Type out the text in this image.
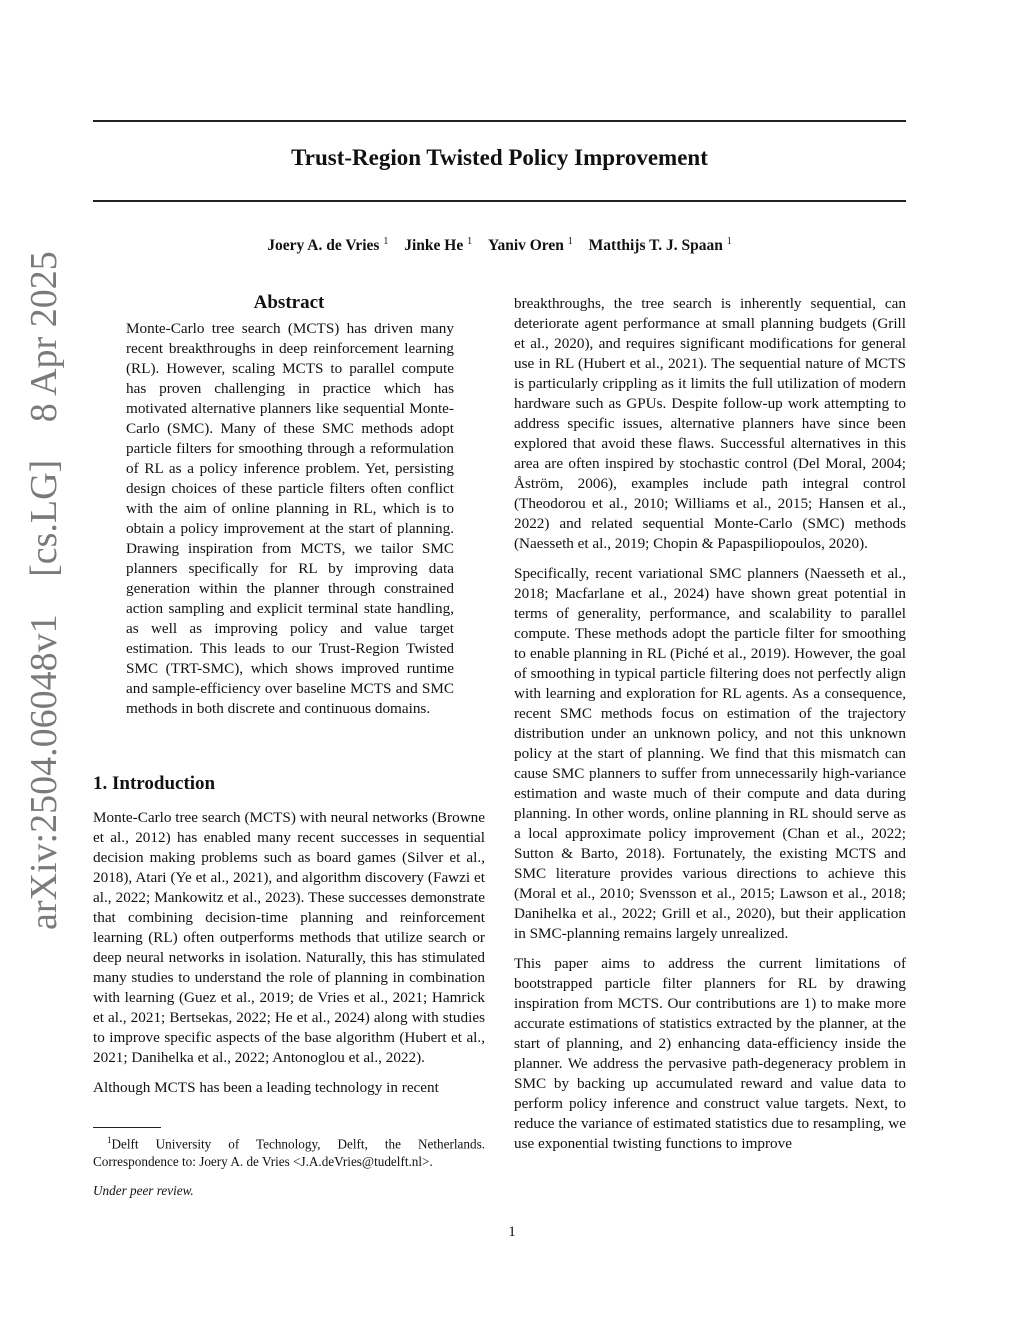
Trust-Region Twisted Policy Improvement
Joery A. de Vries $^1$ Jinke He $^1$ Yaniv Oren $^1$ Matthijs T. J. Spaan $^1$
arXiv:2504.06048v1 [cs.LG] 8 Apr 2025	Abstract

Monte-Carlo tree search (MCTS) has driven many recent breakthroughs in deep reinforcement learning (RL). However, scaling MCTS to parallel compute has proven challenging in practice which has motivated alternative planners like sequential Monte-Carlo (SMC). Many of these SMC methods adopt particle filters for smoothing through a reformulation of RL as a policy inference problem. Yet, persisting design choices of these particle filters often conflict with the aim of online planning in RL, which is to obtain a policy improvement at the start of planning. Drawing inspiration from MCTS, we tailor SMC planners specifically for RL by improving data generation within the planner through constrained action sampling and explicit terminal state handling, as well as improving policy and value target estimation. This leads to our Trust-Region Twisted SMC (TRT-SMC), which shows improved runtime and sample-efficiency over baseline MCTS and SMC methods in both discrete and continuous domains.

1. Introduction

Monte-Carlo tree search (MCTS) with neural networks (Browne et al., 2012) has enabled many recent successes in sequential decision making problems such as board games (Silver et al., 2018), Atari (Ye et al., 2021), and algorithm discovery (Fawzi et al., 2022; Mankowitz et al., 2023). These successes demonstrate that combining decision-time planning and reinforcement learning (RL) often outperforms methods that utilize search or deep neural networks in isolation. Naturally, this has stimulated many studies to understand the role of planning in combination with learning (Guez et al., 2019; de Vries et al., 2021; Hamrick et al., 2021; Bertsekas, 2022; He et al., 2024) along with studies to improve specific aspects of the base algorithm (Hubert et al., 2021; Danihelka et al., 2022; Antonoglou et al., 2022).

Although MCTS has been a leading technology in recent

breakthroughs, the tree search is inherently sequential, can deteriorate agent performance at small planning budgets (Grill et al., 2020), and requires significant modifications for general use in RL (Hubert et al., 2021). The sequential nature of MCTS is particularly crippling as it limits the full utilization of modern hardware such as GPUs. Despite follow-up work attempting to address specific issues, alternative planners have since been explored that avoid these flaws. Successful alternatives in this area are often inspired by stochastic control (Del Moral, 2004; Åström, 2006), examples include path integral control (Theodorou et al., 2010; Williams et al., 2015; Hansen et al., 2022) and related sequential Monte-Carlo (SMC) methods (Naesseth et al., 2019; Chopin & Papaspiliopoulos, 2020).

Specifically, recent variational SMC planners (Naesseth et al., 2018; Macfarlane et al., 2024) have shown great potential in terms of generality, performance, and scalability to parallel compute. These methods adopt the particle filter for smoothing to enable planning in RL (Piché et al., 2019). However, the goal of smoothing in typical particle filtering does not perfectly align with learning and exploration for RL agents. As a consequence, recent SMC methods focus on estimation of the trajectory distribution under an unknown policy, and not this unknown policy at the start of planning. We find that this mismatch can cause SMC planners to suffer from unnecessarily high-variance estimation and waste much of their compute and data during planning. In other words, online planning in RL should serve as a local approximate policy improvement (Chan et al., 2022; Sutton & Barto, 2018). Fortunately, the existing MCTS and SMC literature provides various directions to achieve this (Moral et al., 2010; Svensson et al., 2015; Lawson et al., 2018; Danihelka et al., 2022; Grill et al., 2020), but their application in SMC-planning remains largely unrealized.

This paper aims to address the current limitations of bootstrapped particle filter planners for RL by drawing inspiration from MCTS. Our contributions are 1) to make more accurate estimations of statistics extracted by the planner, at the start of planning, and 2) enhancing data-efficiency inside the planner. We address the pervasive path-degeneracy problem in SMC by backing up accumulated reward and value data to perform policy inference and construct value targets. Next, to reduce the variance of estimated statistics due to resampling, we use exponential twisting functions to improve

$^1$Delft University of Technology, Delft, the Netherlands. Correspondence to: Joery A. de Vries <J.A.deVries@tudelft.nl>.

Under peer review.

1
